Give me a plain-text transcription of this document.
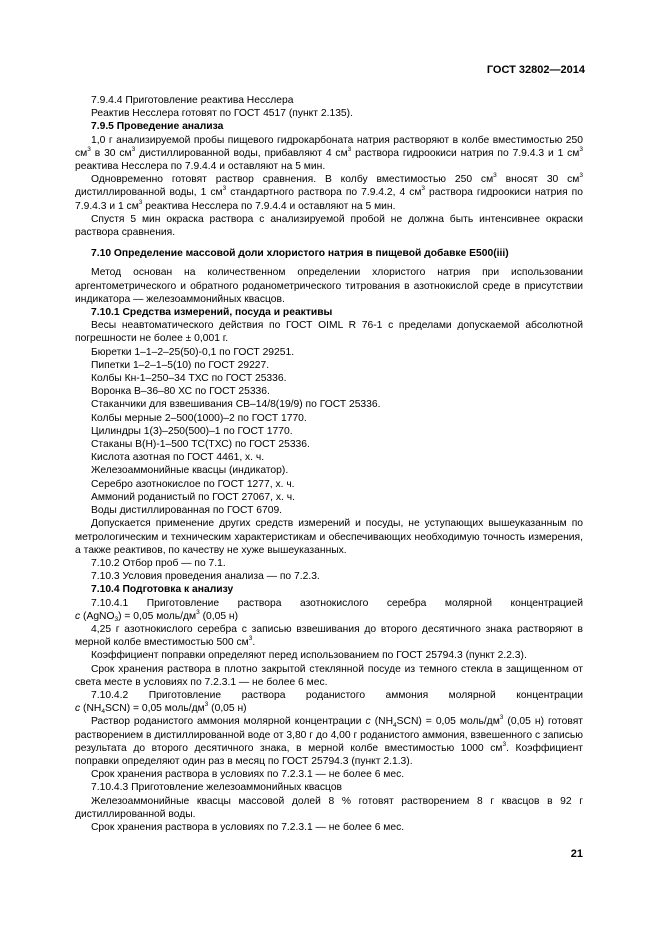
ГОСТ 32802—2014

7.9.4.4 Приготовление реактива Несслера

Реактив Несслера готовят по ГОСТ 4517 (пункт 2.135).

7.9.5 Проведение анализа

1,0 г анализируемой пробы пищевого гидрокарбоната натрия растворяют в колбе вместимостью 250 $см^3$ в 30 $см^3$ дистиллированной воды, прибавляют 4 $см^3$ раствора гидроокиси натрия по 7.9.4.3 и 1 $см^3$ реактива Несслера по 7.9.4.4 и оставляют на 5 мин.

Одновременно готовят раствор сравнения. В колбу вместимостью 250 $см^3$ вносят 30 $см^3$ дистиллированной воды, 1 $см^3$ стандартного раствора по 7.9.4.2, 4 $см^3$ раствора гидроокиси натрия по 7.9.4.3 и 1 $см^3$ реактива Несслера по 7.9.4.4 и оставляют на 5 мин.

Спустя 5 мин окраска раствора с анализируемой пробой не должна быть интенсивнее окраски раствора сравнения.

7.10 Определение массовой доли хлористого натрия в пищевой добавке Е500(iii)

Метод основан на количественном определении хлористого натрия при использовании аргентометрического и обратного роданометрического титрования в азотнокислой среде в присутствии индикатора — железоаммонийных квасцов.

7.10.1 Средства измерений, посуда и реактивы

Весы неавтоматического действия по ГОСТ OIML R 76-1 с пределами допускаемой абсолютной погрешности не более ± 0,001 г.

Бюретки 1–1–2–25(50)-0,1 по ГОСТ 29251.

Пипетки 1–2–1–5(10) по ГОСТ 29227.

Колбы Кн-1–250–34 ТХС по ГОСТ 25336.

Воронка В–36–80 ХС по ГОСТ 25336.

Стаканчики для взвешивания СВ–14/8(19/9) по ГОСТ 25336.

Колбы мерные 2–500(1000)–2 по ГОСТ 1770.

Цилиндры 1(3)–250(500)–1 по ГОСТ 1770.

Стаканы В(Н)-1–500 ТС(ТХС) по ГОСТ 25336.

Кислота азотная по ГОСТ 4461, х. ч.

Железоаммонийные квасцы (индикатор).

Серебро азотнокислое по ГОСТ 1277, х. ч.

Аммоний роданистый по ГОСТ 27067, х. ч.

Воды дистиллированная по ГОСТ 6709.

Допускается применение других средств измерений и посуды, не уступающих вышеуказанным по метрологическим и техническим характеристикам и обеспечивающих необходимую точность измерения, а также реактивов, по качеству не хуже вышеуказанных.

7.10.2 Отбор проб — по 7.1.

7.10.3 Условия проведения анализа — по 7.2.3.

7.10.4 Подготовка к анализу

7.10.4.1 Приготовление раствора азотнокислого серебра молярной концентрацией

c (AgNO$_3$) = 0,05 моль/$дм^3$ (0,05 н)

4,25 г азотнокислого серебра с записью взвешивания до второго десятичного знака растворяют в мерной колбе вместимостью 500 $см^3$.

Коэффициент поправки определяют перед использованием по ГОСТ 25794.3 (пункт 2.2.3).

Срок хранения раствора в плотно закрытой стеклянной посуде из темного стекла в защищенном от света месте в условиях по 7.2.3.1 — не более 6 мес.

7.10.4.2 Приготовление раствора роданистого аммония молярной концентрации

c $(NH_4SCN) = 0,05$ моль/$дм^3$ (0,05 н)

Раствор роданистого аммония молярной концентрации c $(NH_4SCN) = 0,05$ моль/$дм^3$ (0,05 н) готовят растворением в дистиллированной воде от 3,80 г до 4,00 г роданистого аммония, взвешенного с записью результата до второго десятичного знака, в мерной колбе вместимостью 1000 $см^3$. Коэффициент поправки определяют один раз в месяц по ГОСТ 25794.3 (пункт 2.1.3).

Срок хранения раствора в условиях по 7.2.3.1 — не более 6 мес.

7.10.4.3 Приготовление железоаммонийных квасцов

Железоаммонийные квасцы массовой долей 8 % готовят растворением 8 г квасцов в 92 г дистиллированной воды.

Срок хранения раствора в условиях по 7.2.3.1 — не более 6 мес.

21
